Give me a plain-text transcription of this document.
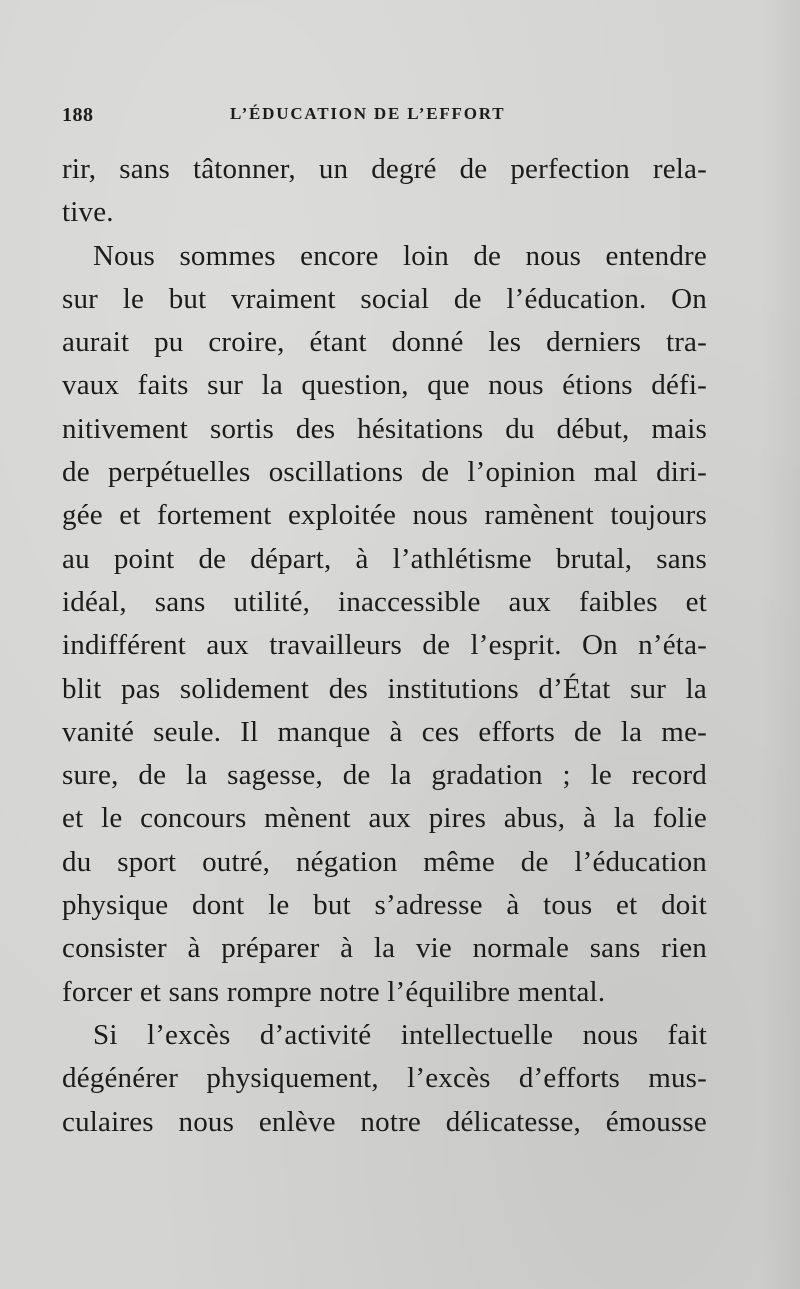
188	L’ÉDUCATION DE L’EFFORT
rir, sans tâtonner, un degré de perfection rela-
tive.
Nous sommes encore loin de nous entendre
sur le but vraiment social de l’éducation. On
aurait pu croire, étant donné les derniers tra-
vaux faits sur la question, que nous étions défi-
nitivement sortis des hésitations du début, mais
de perpétuelles oscillations de l’opinion mal diri-
gée et fortement exploitée nous ramènent toujours
au point de départ, à l’athlétisme brutal, sans
idéal, sans utilité, inaccessible aux faibles et
indifférent aux travailleurs de l’esprit. On n’éta-
blit pas solidement des institutions d’État sur la
vanité seule. Il manque à ces efforts de la me-
sure, de la sagesse, de la gradation ; le record
et le concours mènent aux pires abus, à la folie
du sport outré, négation même de l’éducation
physique dont le but s’adresse à tous et doit
consister à préparer à la vie normale sans rien
forcer et sans rompre notre l’équilibre mental.
Si l’excès d’activité intellectuelle nous fait
dégénérer physiquement, l’excès d’efforts mus-
culaires nous enlève notre délicatesse, émousse
